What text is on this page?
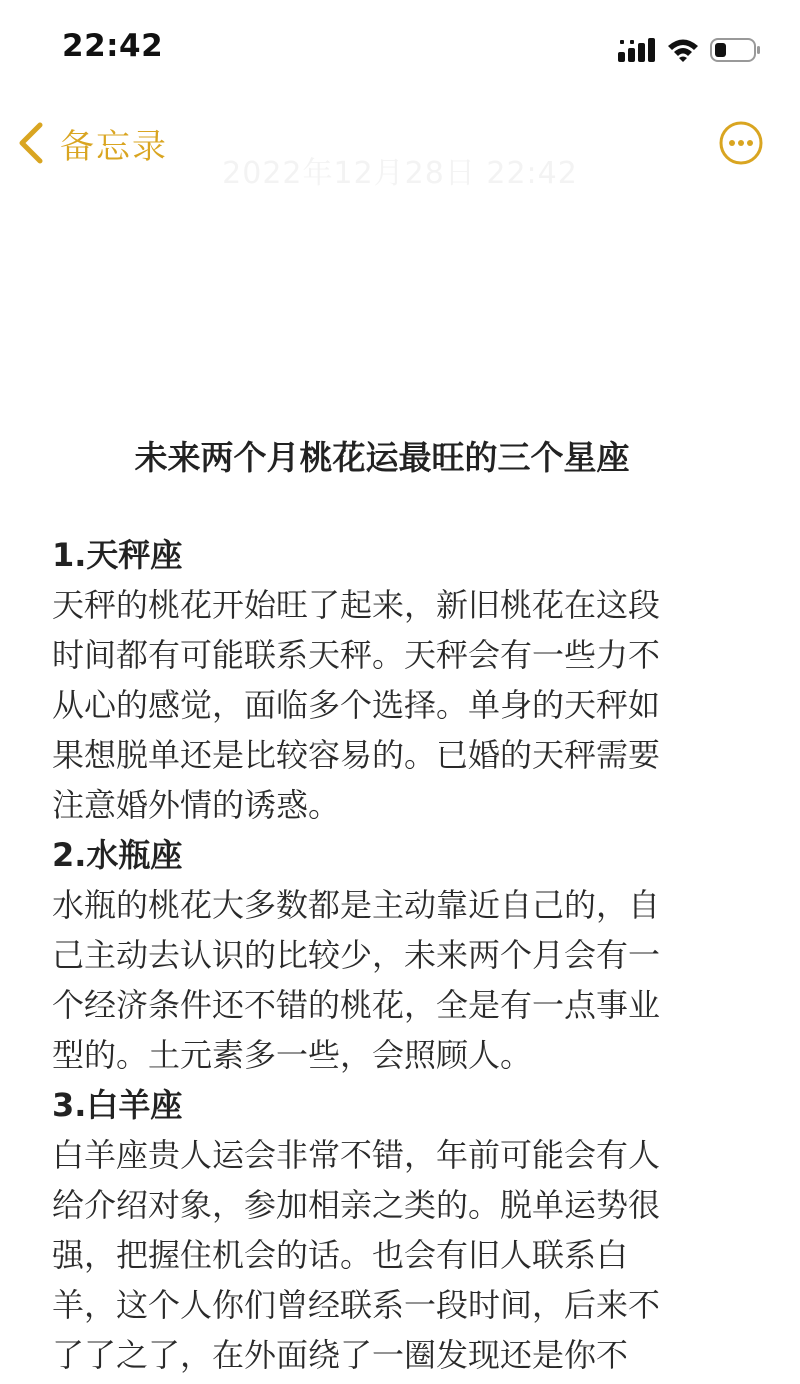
22:42
备忘录
2022年12月28日 22:42
未来两个月桃花运最旺的三个星座
1.天秤座
天秤的桃花开始旺了起来，新旧桃花在这段
时间都有可能联系天秤。天秤会有一些力不
从心的感觉，面临多个选择。单身的天秤如
果想脱单还是比较容易的。已婚的天秤需要
注意婚外情的诱惑。
2.水瓶座
水瓶的桃花大多数都是主动靠近自己的，自
己主动去认识的比较少，未来两个月会有一
个经济条件还不错的桃花，全是有一点事业
型的。土元素多一些，会照顾人。
3.白羊座
白羊座贵人运会非常不错，年前可能会有人
给介绍对象，参加相亲之类的。脱单运势很
强，把握住机会的话。也会有旧人联系白
羊，这个人你们曾经联系一段时间，后来不
了了之了，在外面绕了一圈发现还是你不
